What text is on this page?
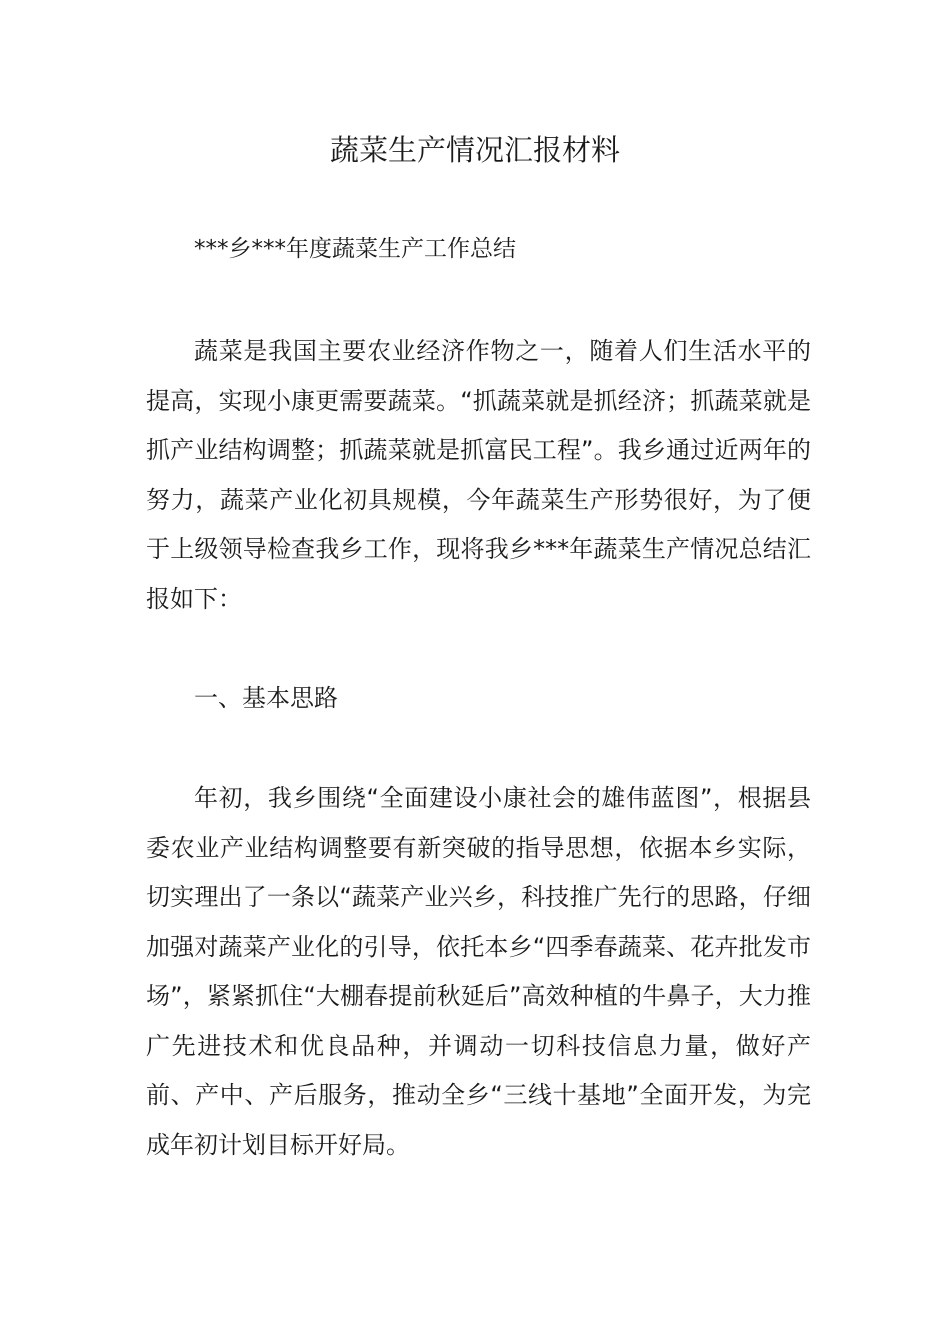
蔬菜生产情况汇报材料
***乡***年度蔬菜生产工作总结

蔬菜是我国主要农业经济作物之一，随着人们生活水平的提高，实现小康更需要蔬菜。“抓蔬菜就是抓经济；抓蔬菜就是抓产业结构调整；抓蔬菜就是抓富民工程”。我乡通过近两年的努力，蔬菜产业化初具规模，今年蔬菜生产形势很好，为了便于上级领导检查我乡工作，现将我乡***年蔬菜生产情况总结汇报如下：

一、基本思路

年初，我乡围绕“全面建设小康社会的雄伟蓝图”，根据县委农业产业结构调整要有新突破的指导思想，依据本乡实际，切实理出了一条以“蔬菜产业兴乡，科技推广先行的思路，仔细加强对蔬菜产业化的引导，依托本乡“四季春蔬菜、花卉批发市场”，紧紧抓住“大棚春提前秋延后”高效种植的牛鼻子，大力推广先进技术和优良品种，并调动一切科技信息力量，做好产前、产中、产后服务，推动全乡“三线十基地”全面开发，为完成年初计划目标开好局。
